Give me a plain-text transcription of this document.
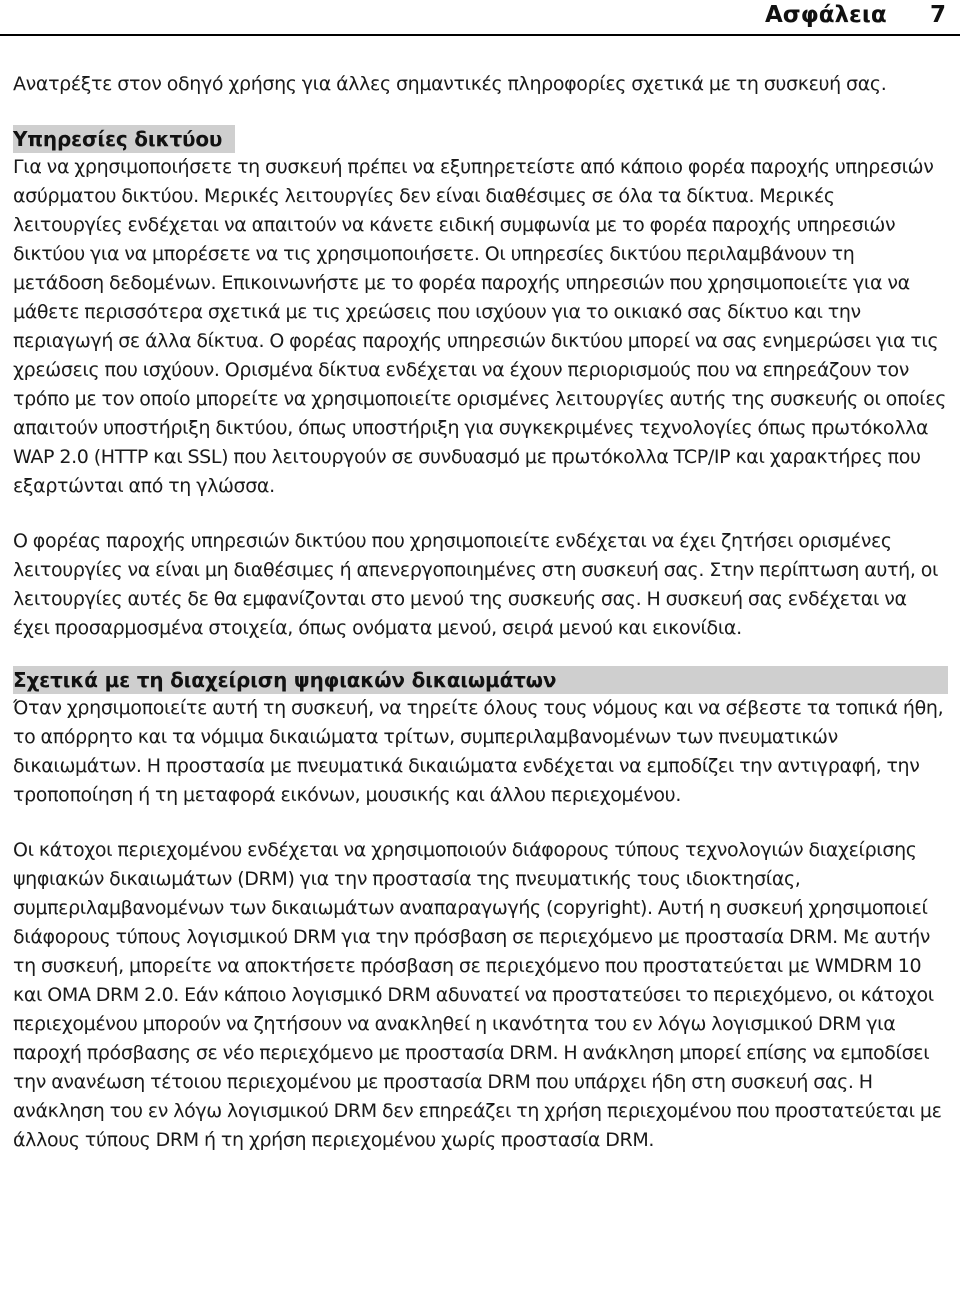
Ασφάλεια 7

Ανατρέξτε στον οδηγό χρήσης για άλλες σημαντικές πληροφορίες σχετικά με τη συσκευή σας.

Υπηρεσίες δικτύου

Για να χρησιμοποιήσετε τη συσκευή πρέπει να εξυπηρετείστε από κάποιο φορέα παροχής υπηρεσιών ασύρματου δικτύου. Μερικές λειτουργίες δεν είναι διαθέσιμες σε όλα τα δίκτυα. Μερικές λειτουργίες ενδέχεται να απαιτούν να κάνετε ειδική συμφωνία με το φορέα παροχής υπηρεσιών δικτύου για να μπορέσετε να τις χρησιμοποιήσετε. Οι υπηρεσίες δικτύου περιλαμβάνουν τη μετάδοση δεδομένων. Επικοινωνήστε με το φορέα παροχής υπηρεσιών που χρησιμοποιείτε για να μάθετε περισσότερα σχετικά με τις χρεώσεις που ισχύουν για το οικιακό σας δίκτυο και την περιαγωγή σε άλλα δίκτυα. Ο φορέας παροχής υπηρεσιών δικτύου μπορεί να σας ενημερώσει για τις χρεώσεις που ισχύουν. Ορισμένα δίκτυα ενδέχεται να έχουν περιορισμούς που να επηρεάζουν τον τρόπο με τον οποίο μπορείτε να χρησιμοποιείτε ορισμένες λειτουργίες αυτής της συσκευής οι οποίες απαιτούν υποστήριξη δικτύου, όπως υποστήριξη για συγκεκριμένες τεχνολογίες όπως πρωτόκολλα WAP 2.0 (HTTP και SSL) που λειτουργούν σε συνδυασμό με πρωτόκολλα TCP/IP και χαρακτήρες που εξαρτώνται από τη γλώσσα.

Ο φορέας παροχής υπηρεσιών δικτύου που χρησιμοποιείτε ενδέχεται να έχει ζητήσει ορισμένες λειτουργίες να είναι μη διαθέσιμες ή απενεργοποιημένες στη συσκευή σας. Στην περίπτωση αυτή, οι λειτουργίες αυτές δε θα εμφανίζονται στο μενού της συσκευής σας. Η συσκευή σας ενδέχεται να έχει προσαρμοσμένα στοιχεία, όπως ονόματα μενού, σειρά μενού και εικονίδια.

Σχετικά με τη διαχείριση ψηφιακών δικαιωμάτων

Όταν χρησιμοποιείτε αυτή τη συσκευή, να τηρείτε όλους τους νόμους και να σέβεστε τα τοπικά ήθη, το απόρρητο και τα νόμιμα δικαιώματα τρίτων, συμπεριλαμβανομένων των πνευματικών δικαιωμάτων. Η προστασία με πνευματικά δικαιώματα ενδέχεται να εμποδίζει την αντιγραφή, την τροποποίηση ή τη μεταφορά εικόνων, μουσικής και άλλου περιεχομένου.

Οι κάτοχοι περιεχομένου ενδέχεται να χρησιμοποιούν διάφορους τύπους τεχνολογιών διαχείρισης ψηφιακών δικαιωμάτων (DRM) για την προστασία της πνευματικής τους ιδιοκτησίας, συμπεριλαμβανομένων των δικαιωμάτων αναπαραγωγής (copyright). Αυτή η συσκευή χρησιμοποιεί διάφορους τύπους λογισμικού DRM για την πρόσβαση σε περιεχόμενο με προστασία DRM. Με αυτήν τη συσκευή, μπορείτε να αποκτήσετε πρόσβαση σε περιεχόμενο που προστατεύεται με WMDRM 10 και OMA DRM 2.0. Εάν κάποιο λογισμικό DRM αδυνατεί να προστατεύσει το περιεχόμενο, οι κάτοχοι περιεχομένου μπορούν να ζητήσουν να ανακληθεί η ικανότητα του εν λόγω λογισμικού DRM για παροχή πρόσβασης σε νέο περιεχόμενο με προστασία DRM. Η ανάκληση μπορεί επίσης να εμποδίσει την ανανέωση τέτοιου περιεχομένου με προστασία DRM που υπάρχει ήδη στη συσκευή σας. Η ανάκληση του εν λόγω λογισμικού DRM δεν επηρεάζει τη χρήση περιεχομένου που προστατεύεται με άλλους τύπους DRM ή τη χρήση περιεχομένου χωρίς προστασία DRM.
